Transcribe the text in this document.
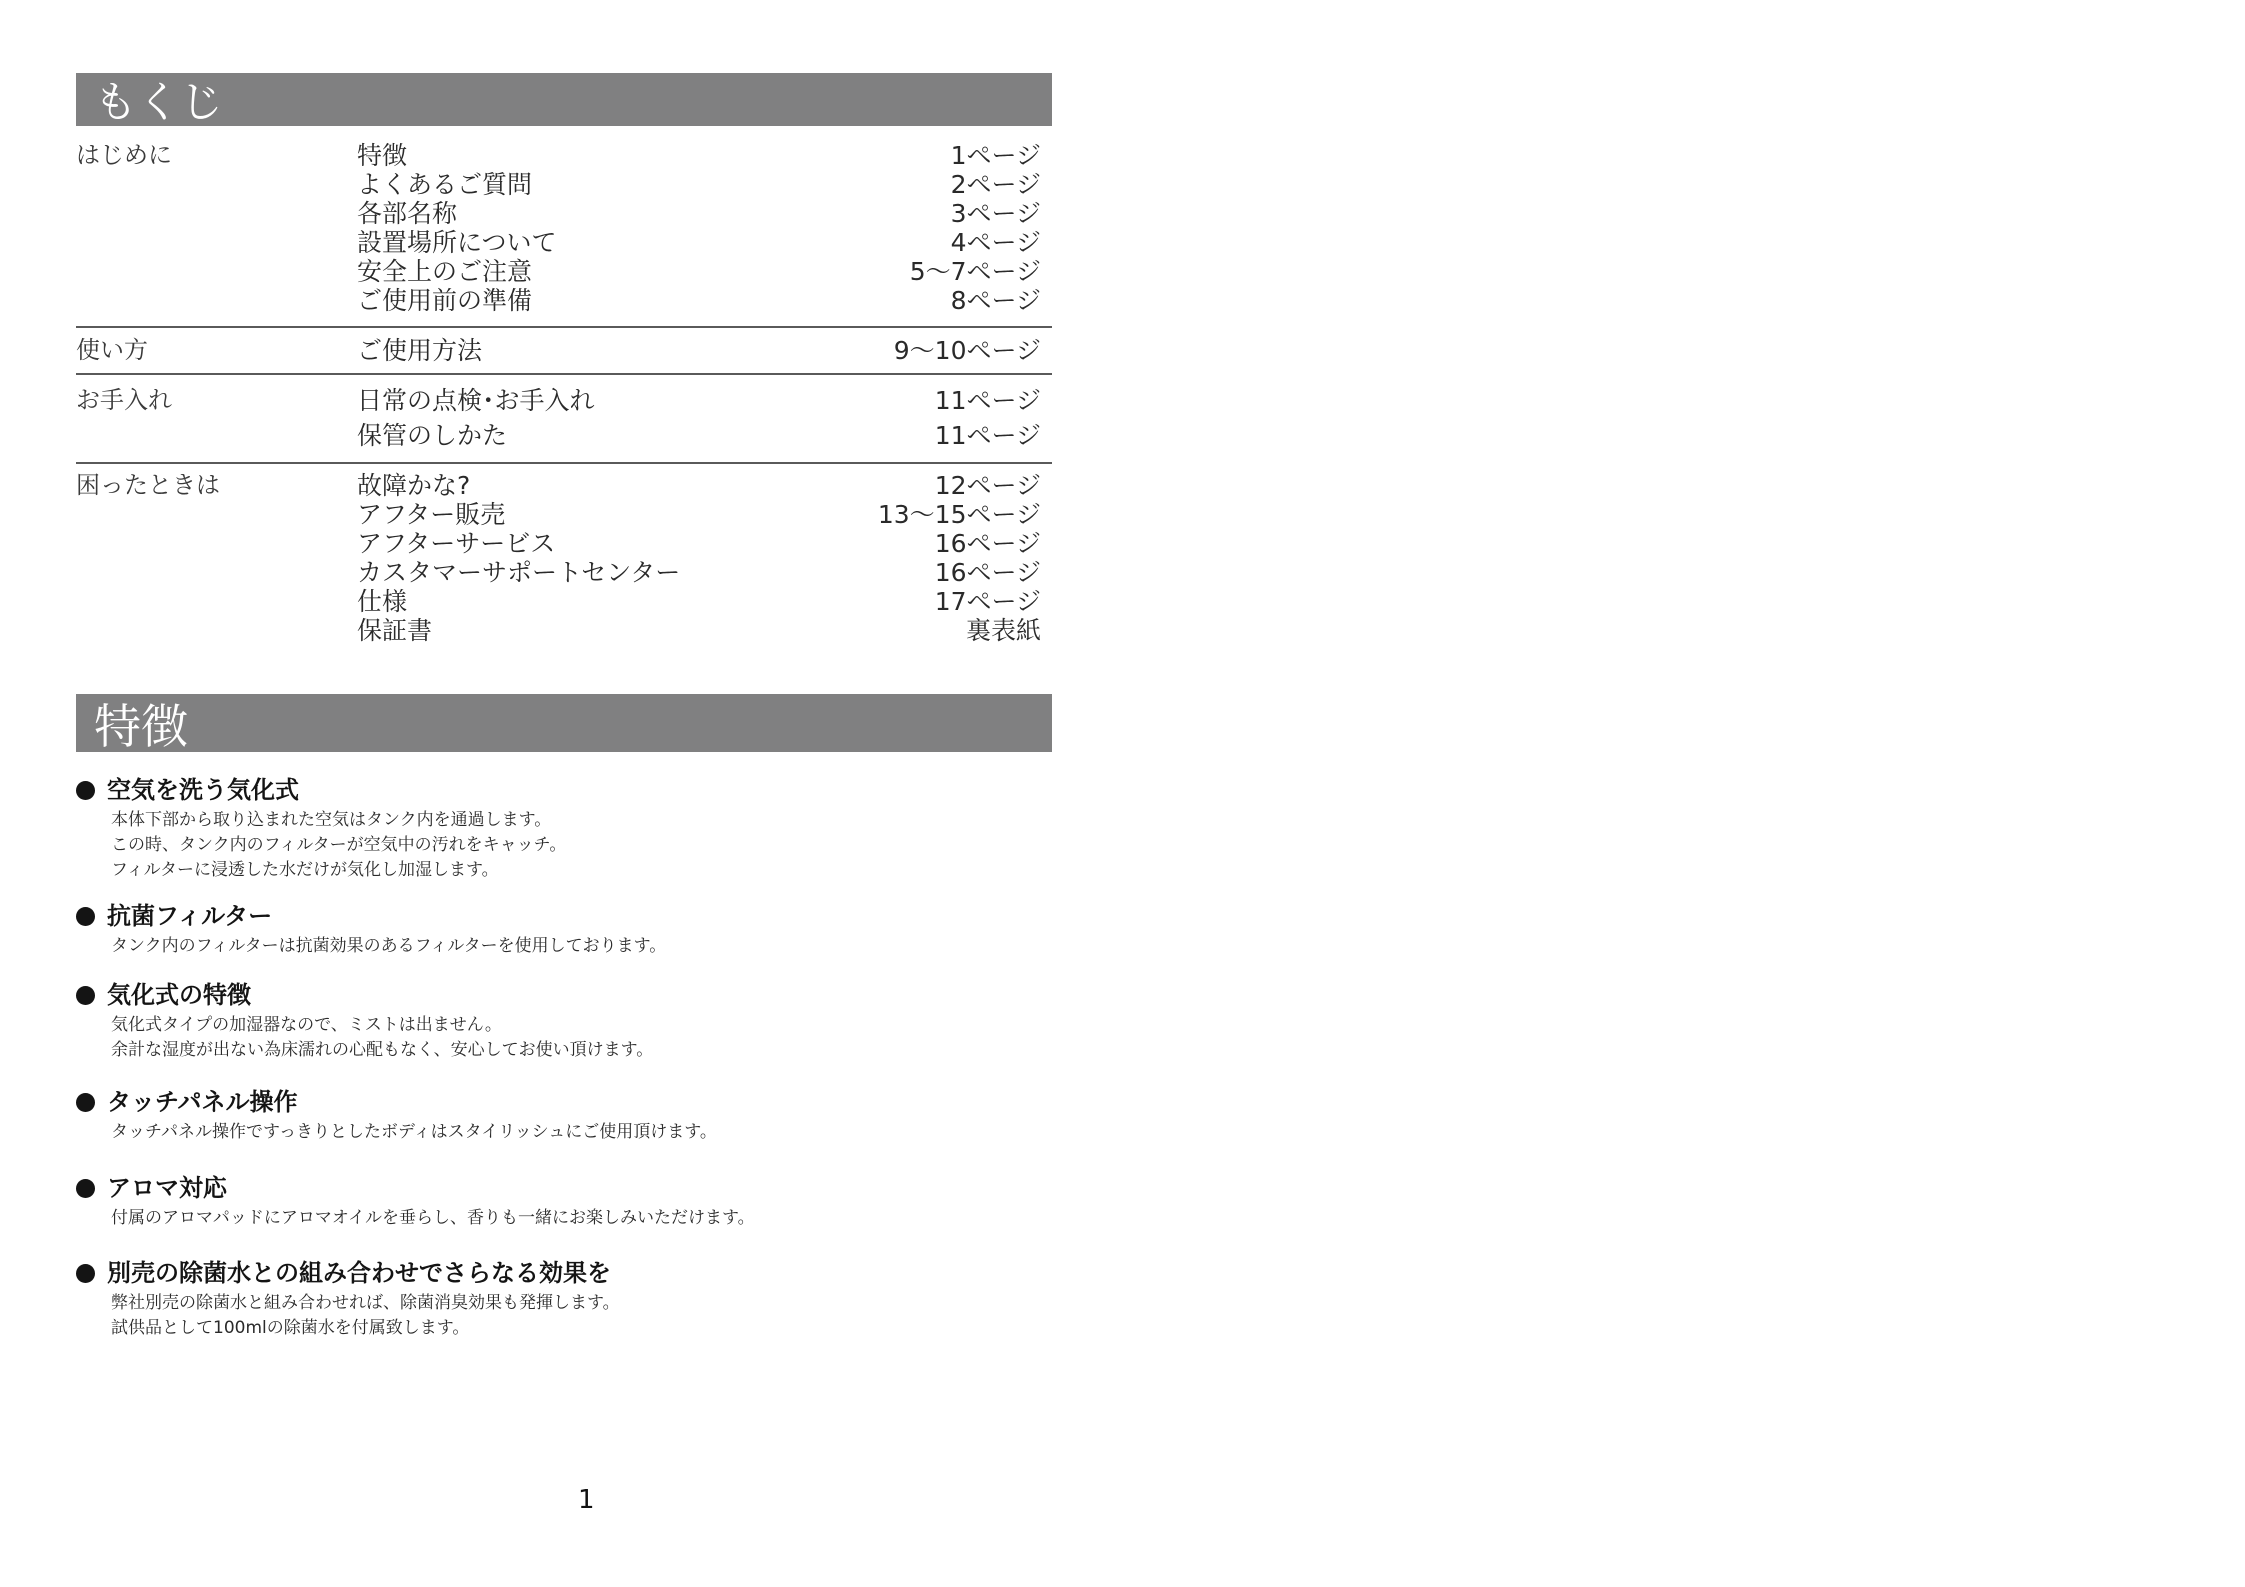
もくじ
はじめに	特徴	1ページ
よくあるご質問	2ページ
各部名称	3ページ
設置場所について	4ページ
安全上のご注意	5〜7ページ
ご使用前の準備	8ページ
使い方	ご使用方法	9〜10ページ
お手入れ	日常の点検･お手入れ	11ページ
保管のしかた	11ページ
困ったときは	故障かな?	12ページ
アフター販売	13〜15ページ
アフターサービス	16ページ
カスタマーサポートセンター	16ページ
仕様	17ページ
保証書	裏表紙
特徴
空気を洗う気化式
本体下部から取り込まれた空気はタンク内を通過します。
この時、タンク内のフィルターが空気中の汚れをキャッチ。
フィルターに浸透した水だけが気化し加湿します。
抗菌フィルター
タンク内のフィルターは抗菌効果のあるフィルターを使用しております。
気化式の特徴
気化式タイプの加湿器なので、ミストは出ません。
余計な湿度が出ない為床濡れの心配もなく、安心してお使い頂けます。
タッチパネル操作
タッチパネル操作ですっきりとしたボディはスタイリッシュにご使用頂けます。
アロマ対応
付属のアロマパッドにアロマオイルを垂らし、香りも一緒にお楽しみいただけます。
別売の除菌水との組み合わせでさらなる効果を
弊社別売の除菌水と組み合わせれば、除菌消臭効果も発揮します。
試供品として100mlの除菌水を付属致します。
1
